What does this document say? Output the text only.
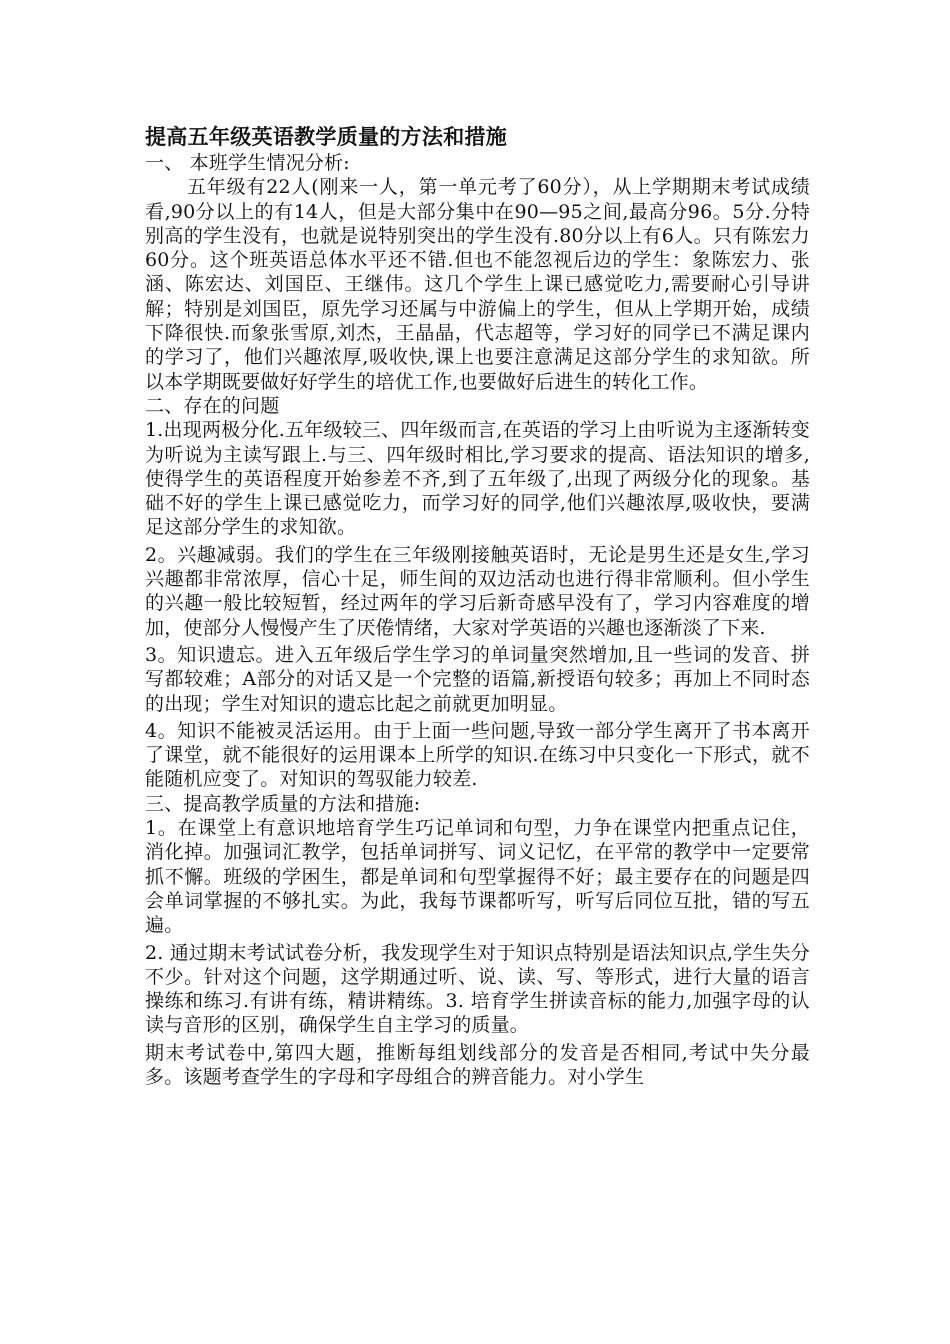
提高五年级英语教学质量的方法和措施

一、 本班学生情况分析:

五年级有22人(刚来一人，第一单元考了60分），从上学期期末考试成绩看,90分以上的有14人，但是大部分集中在90—95之间,最高分96。5分.分特别高的学生没有，也就是说特别突出的学生没有.80分以上有6人。只有陈宏力60分。这个班英语总体水平还不错.但也不能忽视后边的学生：象陈宏力、张涵、陈宏达、刘国臣、王继伟。这几个学生上课已感觉吃力,需要耐心引导讲解；特别是刘国臣，原先学习还属与中游偏上的学生，但从上学期开始，成绩下降很快.而象张雪原,刘杰，王晶晶，代志超等，学习好的同学已不满足课内的学习了，他们兴趣浓厚,吸收快,课上也要注意满足这部分学生的求知欲。所以本学期既要做好好学生的培优工作,也要做好后进生的转化工作。

二、存在的问题

1.出现两极分化.五年级较三、四年级而言,在英语的学习上由听说为主逐渐转变为听说为主读写跟上.与三、四年级时相比,学习要求的提高、语法知识的增多,使得学生的英语程度开始参差不齐,到了五年级了,出现了两级分化的现象。基础不好的学生上课已感觉吃力，而学习好的同学,他们兴趣浓厚,吸收快，要满足这部分学生的求知欲。

2。兴趣减弱。我们的学生在三年级刚接触英语时，无论是男生还是女生,学习兴趣都非常浓厚，信心十足，师生间的双边活动也进行得非常顺利。但小学生的兴趣一般比较短暂，经过两年的学习后新奇感早没有了，学习内容难度的增加，使部分人慢慢产生了厌倦情绪，大家对学英语的兴趣也逐渐淡了下来.

3。知识遗忘。进入五年级后学生学习的单词量突然增加,且一些词的发音、拼写都较难；A部分的对话又是一个完整的语篇,新授语句较多；再加上不同时态的出现；学生对知识的遗忘比起之前就更加明显。

4。知识不能被灵活运用。由于上面一些问题,导致一部分学生离开了书本离开了课堂，就不能很好的运用课本上所学的知识.在练习中只变化一下形式，就不能随机应变了。对知识的驾驭能力较差.

三、提高教学质量的方法和措施:

1。在课堂上有意识地培育学生巧记单词和句型，力争在课堂内把重点记住，消化掉。加强词汇教学，包括单词拼写、词义记忆，在平常的教学中一定要常抓不懈。班级的学困生，都是单词和句型掌握得不好；最主要存在的问题是四会单词掌握的不够扎实。为此，我每节课都听写，听写后同位互批，错的写五遍。

2. 通过期末考试试卷分析，我发现学生对于知识点特别是语法知识点,学生失分不少。针对这个问题，这学期通过听、说、读、写、等形式，进行大量的语言操练和练习.有讲有练，精讲精练。3. 培育学生拼读音标的能力,加强字母的认读与音形的区别，确保学生自主学习的质量。

期末考试卷中,第四大题，推断每组划线部分的发音是否相同,考试中失分最多。该题考查学生的字母和字母组合的辨音能力。对小学生
